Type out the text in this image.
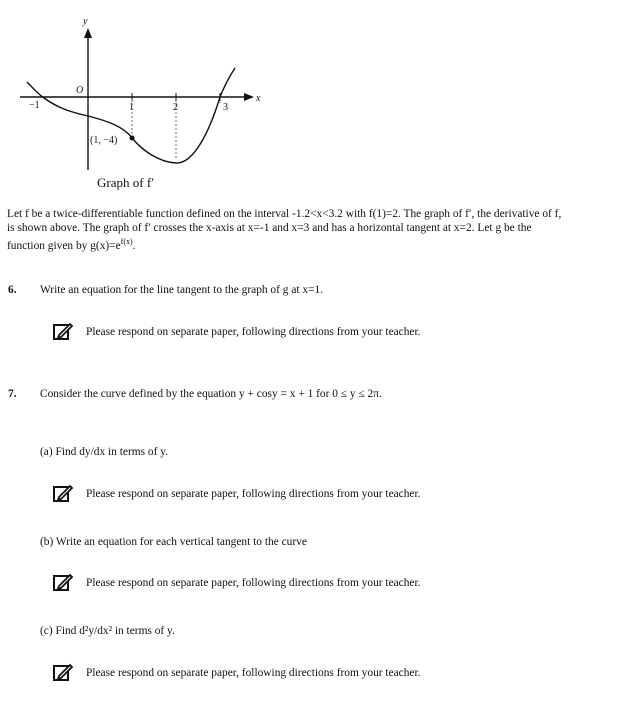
y
x
O
−1	1	2	3
(1, −4)
Graph of f′
Let f be a twice-differentiable function defined on the interval -1.2<x<3.2 with f(1)=2. The graph of f′, the derivative of f,
is shown above. The graph of f′ crosses the x-axis at x=-1 and x=3 and has a horizontal tangent at x=2. Let g be the
function given by $g(x)=e^{f(x)}$.
6. Write an equation for the line tangent to the graph of g at x=1.
Please respond on separate paper, following directions from your teacher.
7. Consider the curve defined by the equation y + cosy = x + 1 for 0 ≤ y ≤ 2π.
(a) Find dy/dx in terms of y.
Please respond on separate paper, following directions from your teacher.
(b) Write an equation for each vertical tangent to the curve
Please respond on separate paper, following directions from your teacher.
(c) Find d²y/dx² in terms of y.
Please respond on separate paper, following directions from your teacher.
